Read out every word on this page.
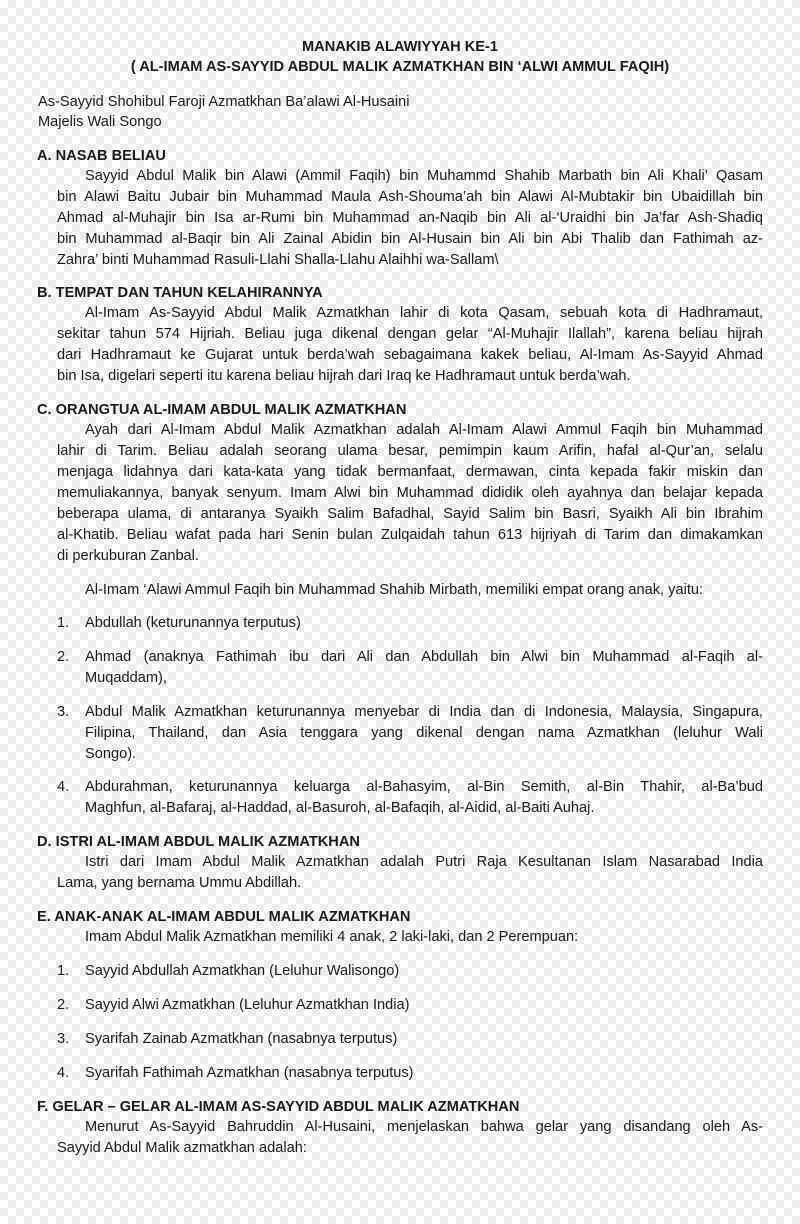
MANAKIB ALAWIYYAH KE-1
( AL-IMAM AS-SAYYID ABDUL MALIK AZMATKHAN BIN ‘ALWI AMMUL FAQIH)
As-Sayyid Shohibul Faroji Azmatkhan Ba’alawi Al-Husaini
Majelis Wali Songo
A. NASAB BELIAU
Sayyid Abdul Malik bin Alawi (Ammil Faqih) bin Muhammd Shahib Marbath bin Ali Khali’ Qasam
bin Alawi Baitu Jubair bin Muhammad Maula Ash-Shouma’ah bin Alawi Al-Mubtakir bin Ubaidillah bin
Ahmad al-Muhajir bin Isa ar-Rumi bin Muhammad an-Naqib bin Ali al-‘Uraidhi bin Ja’far Ash-Shadiq
bin Muhammad al-Baqir bin Ali Zainal Abidin bin Al-Husain bin Ali bin Abi Thalib dan Fathimah az-
Zahra’ binti Muhammad Rasuli-Llahi Shalla-Llahu Alaihhi wa-Sallam\
B. TEMPAT DAN TAHUN KELAHIRANNYA
Al-Imam As-Sayyid Abdul Malik Azmatkhan lahir di kota Qasam, sebuah kota di Hadhramaut,
sekitar tahun 574 Hijriah. Beliau juga dikenal dengan gelar “Al-Muhajir Ilallah”, karena beliau hijrah
dari Hadhramaut ke Gujarat untuk berda’wah sebagaimana kakek beliau, Al-Imam As-Sayyid Ahmad
bin Isa, digelari seperti itu karena beliau hijrah dari Iraq ke Hadhramaut untuk berda’wah.
C. ORANGTUA AL-IMAM ABDUL MALIK AZMATKHAN
Ayah dari Al-Imam Abdul Malik Azmatkhan adalah Al-Imam Alawi Ammul Faqih bin Muhammad
lahir di Tarim. Beliau adalah seorang ulama besar, pemimpin kaum Arifin, hafal al-Qur’an, selalu
menjaga lidahnya dari kata-kata yang tidak bermanfaat, dermawan, cinta kepada fakir miskin dan
memuliakannya, banyak senyum. Imam Alwi bin Muhammad dididik oleh ayahnya dan belajar kepada
beberapa ulama, di antaranya Syaikh Salim Bafadhal, Sayid Salim bin Basri, Syaikh Ali bin Ibrahim
al-Khatib. Beliau wafat pada hari Senin bulan Zulqaidah tahun 613 hijriyah di Tarim dan dimakamkan
di perkuburan Zanbal.
Al-Imam ‘Alawi Ammul Faqih bin Muhammad Shahib Mirbath, memiliki empat orang anak, yaitu:
1. Abdullah (keturunannya terputus)
2. Ahmad (anaknya Fathimah ibu dari Ali dan Abdullah bin Alwi bin Muhammad al-Faqih al-
Muqaddam),
3. Abdul Malik Azmatkhan keturunannya menyebar di India dan di Indonesia, Malaysia, Singapura,
Filipina, Thailand, dan Asia tenggara yang dikenal dengan nama Azmatkhan (leluhur Wali
Songo).
4. Abdurahman, keturunannya keluarga al-Bahasyim, al-Bin Semith, al-Bin Thahir, al-Ba’bud
Maghfun, al-Bafaraj, al-Haddad, al-Basuroh, al-Bafaqih, al-Aidid, al-Baiti Auhaj.
D. ISTRI AL-IMAM ABDUL MALIK AZMATKHAN
Istri dari Imam Abdul Malik Azmatkhan adalah Putri Raja Kesultanan Islam Nasarabad India
Lama, yang bernama Ummu Abdillah.
E. ANAK-ANAK AL-IMAM ABDUL MALIK AZMATKHAN
Imam Abdul Malik Azmatkhan memiliki 4 anak, 2 laki-laki, dan 2 Perempuan:
1. Sayyid Abdullah Azmatkhan (Leluhur Walisongo)
2. Sayyid Alwi Azmatkhan (Leluhur Azmatkhan India)
3. Syarifah Zainab Azmatkhan (nasabnya terputus)
4. Syarifah Fathimah Azmatkhan (nasabnya terputus)
F. GELAR – GELAR AL-IMAM AS-SAYYID ABDUL MALIK AZMATKHAN
Menurut As-Sayyid Bahruddin Al-Husaini, menjelaskan bahwa gelar yang disandang oleh As-
Sayyid Abdul Malik azmatkhan adalah:
